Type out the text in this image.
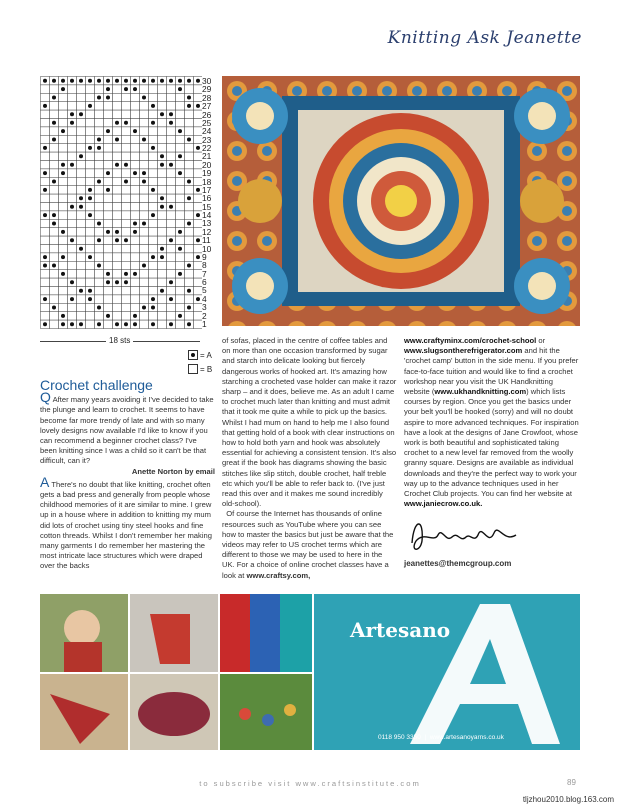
Knitting Ask Jeanette
30
29
28
27
26
25
24
23
22
21
20
19
18
17
16
15
14
13
12
11
10
9
8
7
6
5
4
3
2
1
18 sts
= A
= B
Crochet challenge

Q After many years avoiding it I've decided to take the plunge and learn to crochet. It seems to have become far more trendy of late and with so many lovely designs now available I'd like to know if you can recommend a beginner crochet class? I've been knitting since I was a child so it can't be that difficult, can it?

Anette Norton by email

A There's no doubt that like knitting, crochet often gets a bad press and generally from people whose childhood memories of it are similar to mine. I grew up in a house where in addition to knitting my mum did lots of crochet using tiny steel hooks and fine cotton threads. Whilst I don't remember her making many garments I do remember her mastering the most intricate lace structures which were draped over the backs

of sofas, placed in the centre of coffee tables and on more than one occasion transformed by sugar and starch into delicate looking but fiercely dangerous works of hooked art. It's amazing how starching a crocheted vase holder can make it razor sharp – and it does, believe me. As an adult I came to crochet much later than knitting and must admit that it took me quite a while to pick up the basics. Whilst I had mum on hand to help me I also found that getting hold of a book with clear instructions on how to hold both yarn and hook was absolutely essential for achieving a consistent tension. It's also great if the book has diagrams showing the basic stitches like slip stitch, double crochet, half treble etc which you'll be able to refer back to. (I've just read this over and it makes me sound incredibly old-school).

Of course the Internet has thousands of online resources such as YouTube where you can see how to master the basics but just be aware that the videos may refer to US crochet terms which are different to those we may be used to here in the UK. For a choice of online crochet classes have a look at www.craftsy.com,

www.craftyminx.com/crochet-school or www.slugsontherefrigerator.com and hit the 'crochet camp' button in the side menu. If you prefer face-to-face tuition and would like to find a crochet workshop near you visit the UK Handknitting website (www.ukhandknitting.com) which lists courses by region. Once you get the basics under your belt you'll be hooked (sorry) and will no doubt aspire to more advanced techniques. For inspiration have a look at the designs of Jane Crowfoot, whose work is both beautiful and sophisticated taking crochet to a new level far removed from the woolly granny square. Designs are available as individual downloads and they're the perfect way to work your way up to the advance techniques used in her Crochet Club projects. You can find her website at www.janiecrow.co.uk.

jeanettes@themcgroup.com
Artesano
0118 950 3350  |  www.artesanoyarns.co.uk
to subscribe visit www.craftsinstitute.com	89
tljzhou2010.blog.163.com
